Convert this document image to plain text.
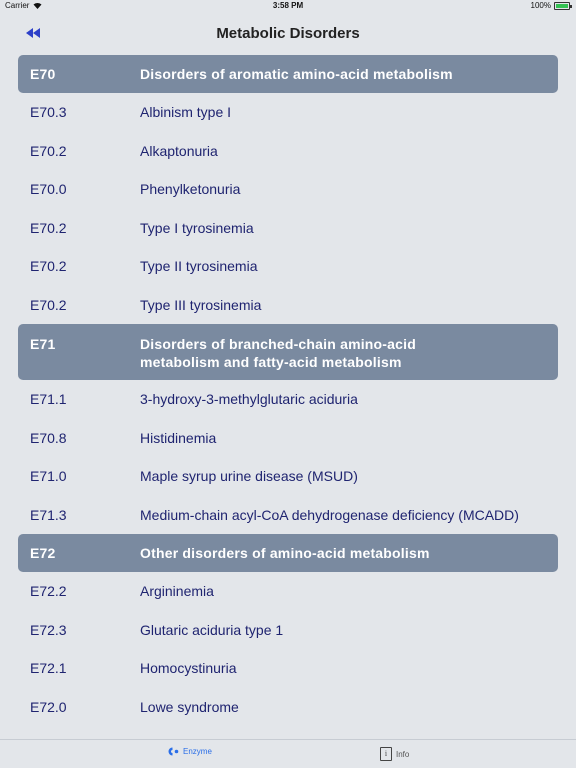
Carrier	3:58 PM	100%
Metabolic Disorders
E70	Disorders of aromatic amino-acid metabolism
E70.3	Albinism type I
E70.2	Alkaptonuria
E70.0	Phenylketonuria
E70.2	Type I tyrosinemia
E70.2	Type II tyrosinemia
E70.2	Type III tyrosinemia
E71	Disorders of branched-chain amino-acid metabolism and fatty-acid metabolism
E71.1	3-hydroxy-3-methylglutaric aciduria
E70.8	Histidinemia
E71.0	Maple syrup urine disease (MSUD)
E71.3	Medium-chain acyl-CoA dehydrogenase deficiency (MCADD)
E72	Other disorders of amino-acid metabolism
E72.2	Argininemia
E72.3	Glutaric aciduria type 1
E72.1	Homocystinuria
E72.0	Lowe syndrome
Enzyme	i	Info
